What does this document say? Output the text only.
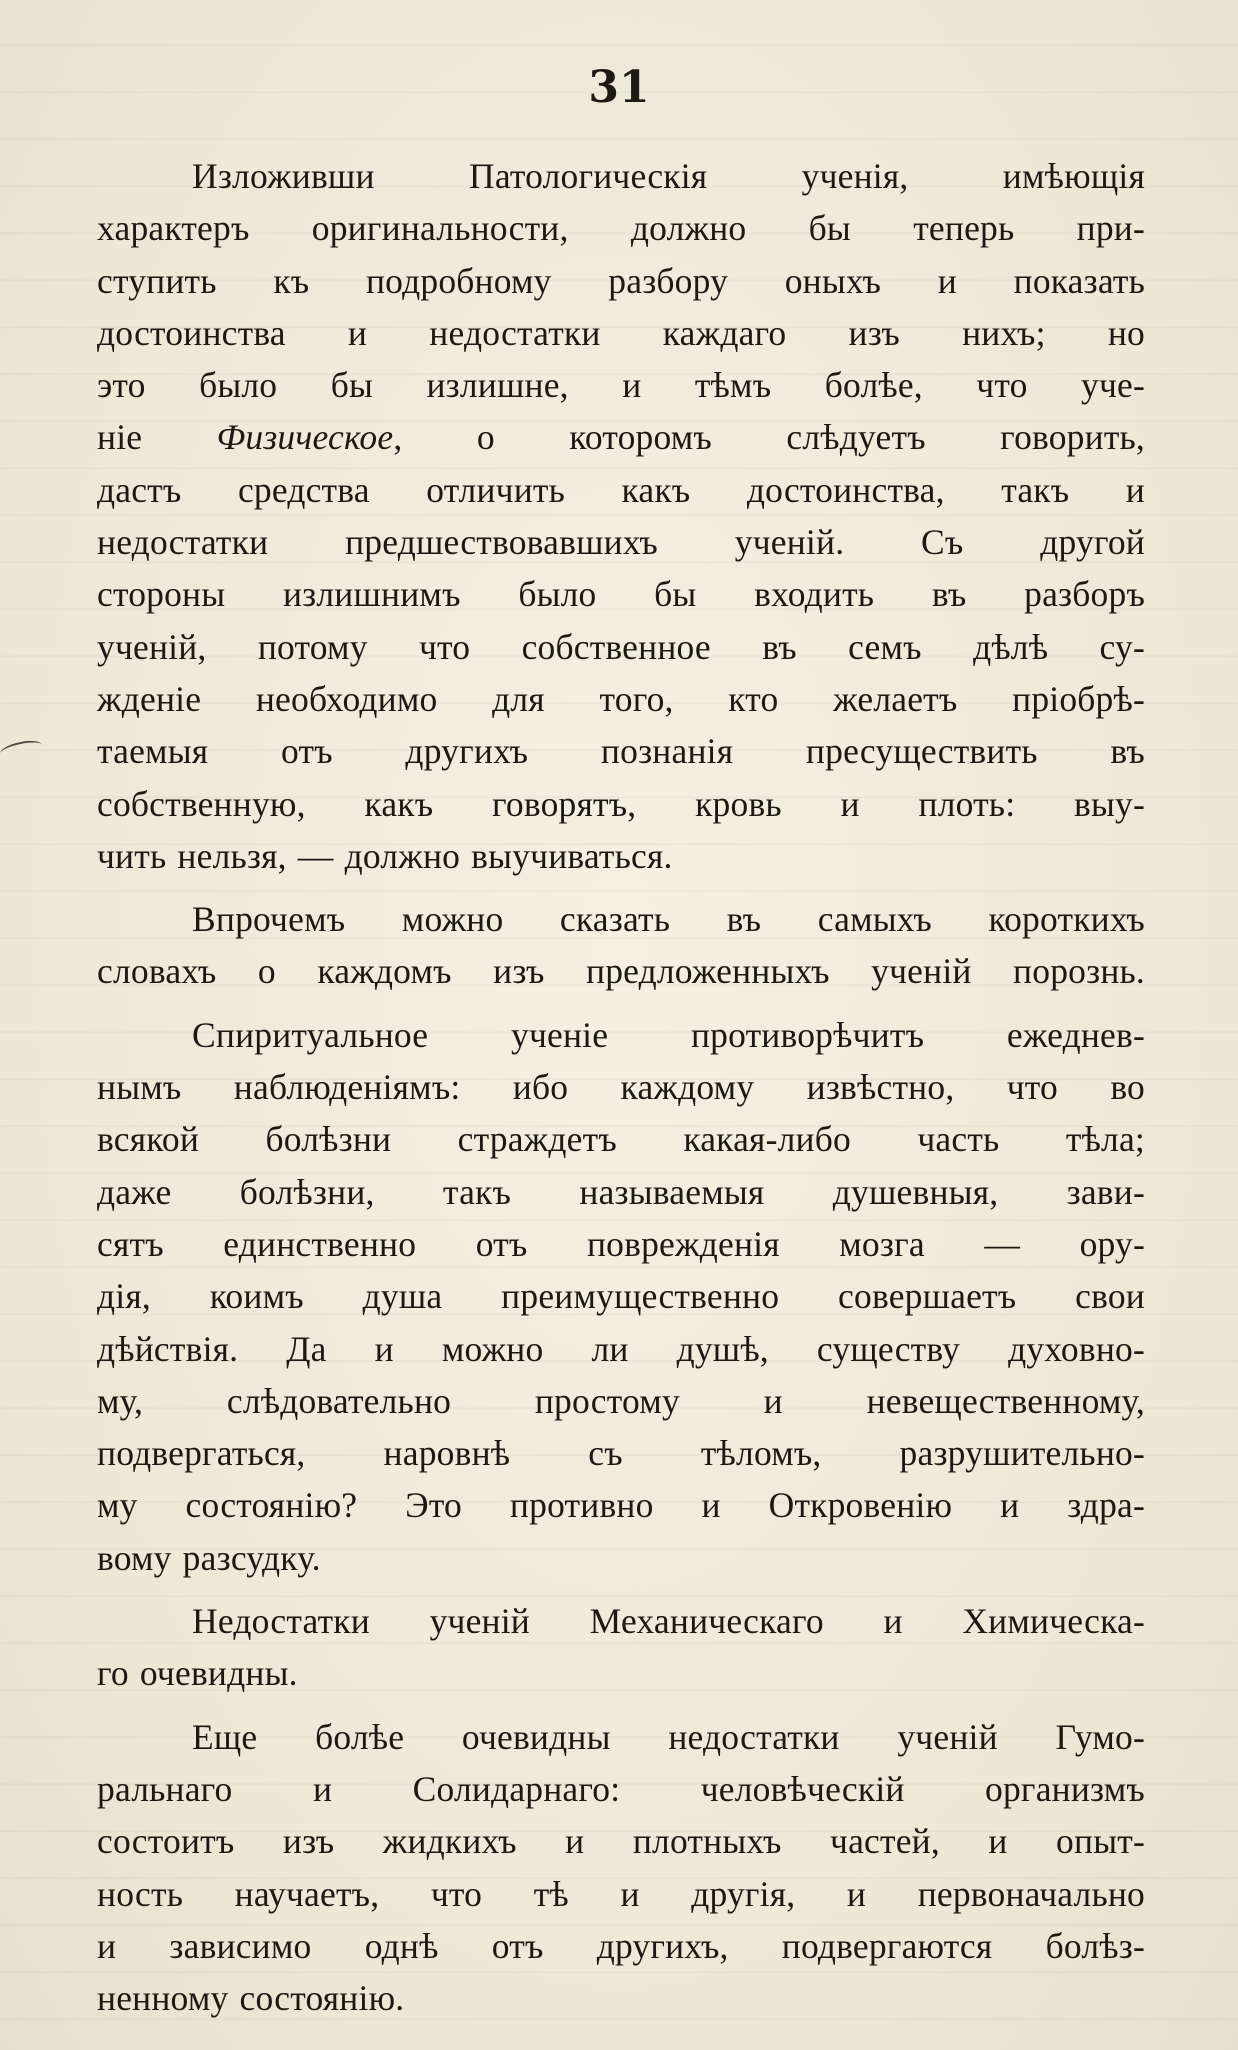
31
Изложивши Патологическія ученія, имѣющія
характеръ оригинальности, должно бы теперь при-
ступить къ подробному разбору оныхъ и показать
достоинства и недостатки каждаго изъ нихъ; но
это было бы излишне, и тѣмъ болѣе, что уче-
ніе Физическое, о которомъ слѣдуетъ говорить,
дастъ средства отличить какъ достоинства, такъ и
недостатки предшествовавшихъ ученій. Съ другой
стороны излишнимъ было бы входить въ разборъ
ученій, потому что собственное въ семъ дѣлѣ су-
жденіе необходимо для того, кто желаетъ пріобрѣ-
таемыя отъ другихъ познанія пресуществить въ
собственную, какъ говорятъ, кровь и плоть: выу-
чить нельзя, — должно выучиваться.
Впрочемъ можно сказать въ самыхъ короткихъ
словахъ о каждомъ изъ предложенныхъ ученій порознь.
Спиритуальное ученіе противорѣчитъ ежеднев-
нымъ наблюденіямъ: ибо каждому извѣстно, что во
всякой болѣзни страждетъ какая-либо часть тѣла;
даже болѣзни, такъ называемыя душевныя, зави-
сятъ единственно отъ поврежденія мозга — ору-
дія, коимъ душа преимущественно совершаетъ свои
дѣйствія. Да и можно ли душѣ, существу духовно-
му, слѣдовательно простому и невещественному,
подвергаться, наровнѣ съ тѣломъ, разрушительно-
му состоянію? Это противно и Откровенію и здра-
вому разсудку.
Недостатки ученій Механическаго и Химическа-
го очевидны.
Еще болѣе очевидны недостатки ученій Гумо-
ральнаго и Солидарнаго: человѣческій организмъ
состоитъ изъ жидкихъ и плотныхъ частей, и опыт-
ность научаетъ, что тѣ и другія, и первоначально
и зависимо однѣ отъ другихъ, подвергаются болѣз-
ненному состоянію.
